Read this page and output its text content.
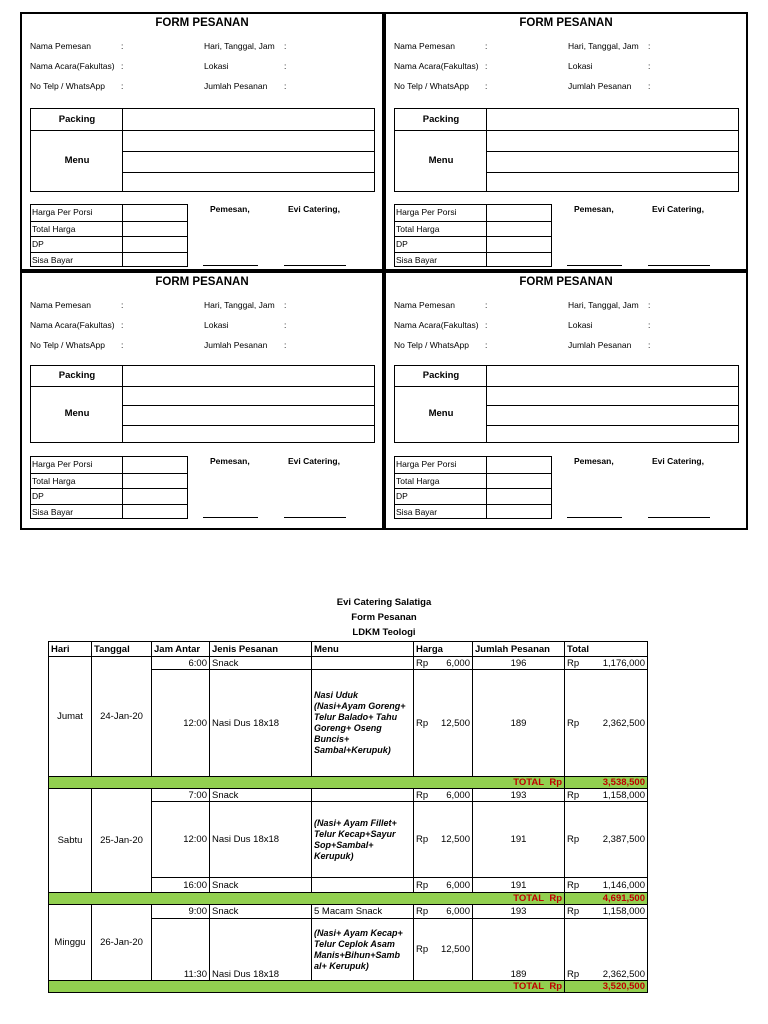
FORM PESANAN
Nama Pemesan	:
Nama Acara(Fakultas) :
No Telp / WhatsApp :
Hari, Tanggal, Jam :
Lokasi	:
Jumlah Pesanan :
Packing
Menu
Harga Per Porsi
Total Harga
DP
Sisa Bayar
Pemesan,	Evi Catering,
FORM PESANAN
Nama Pemesan	:
Nama Acara(Fakultas) :
No Telp / WhatsApp :
Hari, Tanggal, Jam :
Lokasi	:
Jumlah Pesanan :
Packing
Menu
Harga Per Porsi
Total Harga
DP
Sisa Bayar
Pemesan,	Evi Catering,
FORM PESANAN
Nama Pemesan	:
Nama Acara(Fakultas) :
No Telp / WhatsApp :
Hari, Tanggal, Jam :
Lokasi	:
Jumlah Pesanan :
Packing
Menu
Harga Per Porsi
Total Harga
DP
Sisa Bayar
Pemesan,	Evi Catering,
FORM PESANAN
Nama Pemesan	:
Nama Acara(Fakultas) :
No Telp / WhatsApp :
Hari, Tanggal, Jam :
Lokasi	:
Jumlah Pesanan :
Packing
Menu
Harga Per Porsi
Total Harga
DP
Sisa Bayar
Pemesan,	Evi Catering,
Evi Catering Salatiga
Form Pesanan
LDKM Teologi
Hari	Tanggal	Jam Antar	Jenis Pesanan	Menu	Harga	Jumlah Pesanan	Total
Jumat	24-Jan-20	6:00	Snack		Rp 6,000	196	Rp 1,176,000
		12:00	Nasi Dus 18x18	Nasi Uduk (Nasi+Ayam Goreng+ Telur Balado+ Tahu Goreng+ Oseng Buncis+ Sambal+Kerupuk)	Rp 12,500	189	Rp 2,362,500
TOTAL Rp							3,538,500
Sabtu	25-Jan-20	7:00	Snack		Rp 6,000	193	Rp 1,158,000
		12:00	Nasi Dus 18x18	(Nasi+ Ayam Fillet+ Telur Kecap+Sayur Sop+Sambal+ Kerupuk)	Rp 12,500	191	Rp 2,387,500
		16:00	Snack		Rp 6,000	191	Rp 1,146,000
TOTAL Rp							4,691,500
Minggu	26-Jan-20	9:00	Snack	5 Macam Snack	Rp 6,000	193	Rp 1,158,000
		11:30	Nasi Dus 18x18	(Nasi+ Ayam Kecap+ Telur Ceplok Asam Manis+Bihun+Samb al+ Kerupuk)	Rp 12,500	189	Rp 2,362,500
TOTAL Rp							3,520,500
